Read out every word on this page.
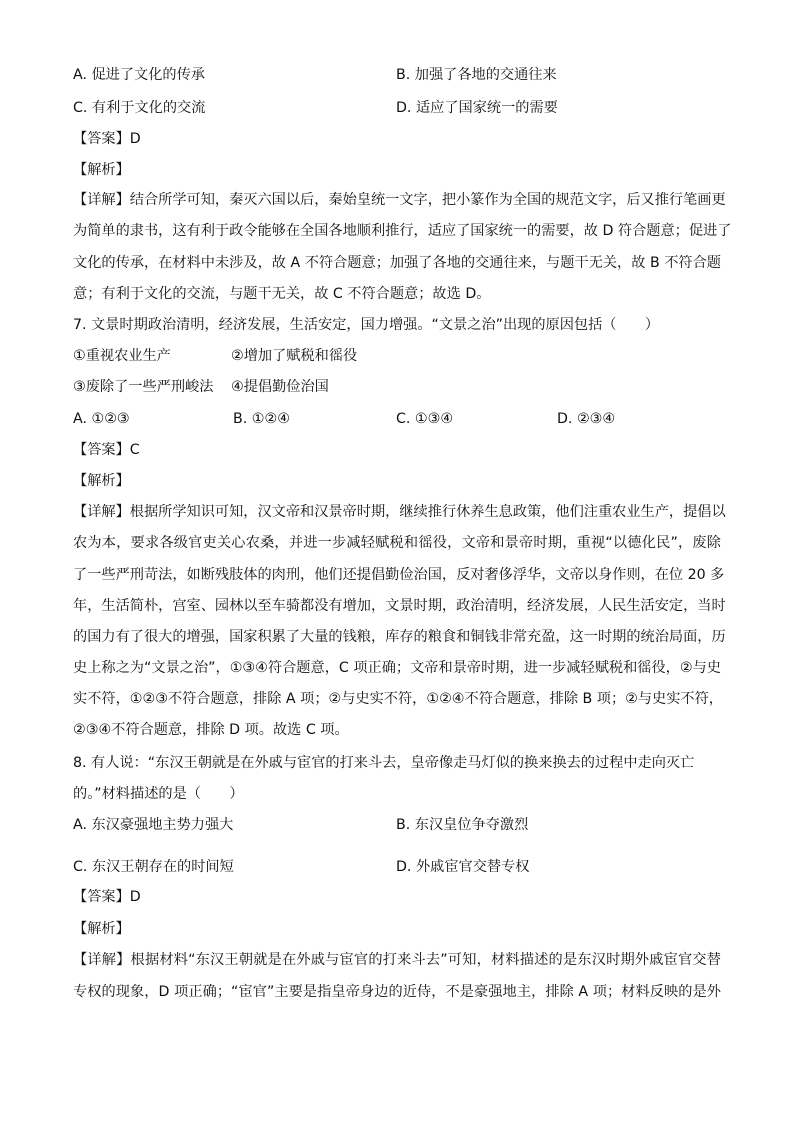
A. 促进了文化的传承	B. 加强了各地的交通往来
C. 有利于文化的交流	D. 适应了国家统一的需要
【答案】D
【解析】
【详解】结合所学可知，秦灭六国以后，秦始皇统一文字，把小篆作为全国的规范文字，后又推行笔画更
为简单的隶书，这有利于政令能够在全国各地顺利推行，适应了国家统一的需要，故 D 符合题意；促进了
文化的传承，在材料中未涉及，故 A 不符合题意；加强了各地的交通往来，与题干无关，故 B 不符合题
意；有利于文化的交流，与题干无关，故 C 不符合题意；故选 D。
7. 文景时期政治清明，经济发展，生活安定，国力增强。“文景之治”出现的原因包括（　　）
①重视农业生产	②增加了赋税和徭役
③废除了一些严刑峻法 ④提倡勤俭治国
A. ①②③	B. ①②④	C. ①③④	D. ②③④
【答案】C
【解析】
【详解】根据所学知识可知，汉文帝和汉景帝时期，继续推行休养生息政策，他们注重农业生产，提倡以
农为本，要求各级官吏关心农桑，并进一步减轻赋税和徭役，文帝和景帝时期，重视“以德化民”，废除
了一些严刑苛法，如断残肢体的肉刑，他们还提倡勤俭治国，反对奢侈浮华，文帝以身作则，在位 20 多
年，生活简朴，宫室、园林以至车骑都没有增加，文景时期，政治清明，经济发展，人民生活安定，当时
的国力有了很大的增强，国家积累了大量的钱粮，库存的粮食和铜钱非常充盈，这一时期的统治局面，历
史上称之为“文景之治”，①③④符合题意，C 项正确；文帝和景帝时期，进一步减轻赋税和徭役，②与史
实不符，①②③不符合题意，排除 A 项；②与史实不符，①②④不符合题意，排除 B 项；②与史实不符，
②③④不符合题意，排除 D 项。故选 C 项。
8. 有人说：“东汉王朝就是在外戚与宦官的打来斗去，皇帝像走马灯似的换来换去的过程中走向灭亡
的。”材料描述的是（　　）
A. 东汉豪强地主势力强大	B. 东汉皇位争夺激烈
C. 东汉王朝存在的时间短	D. 外戚宦官交替专权
【答案】D
【解析】
【详解】根据材料“东汉王朝就是在外戚与宦官的打来斗去”可知，材料描述的是东汉时期外戚宦官交替
专权的现象，D 项正确；“宦官”主要是指皇帝身边的近侍，不是豪强地主，排除 A 项；材料反映的是外
